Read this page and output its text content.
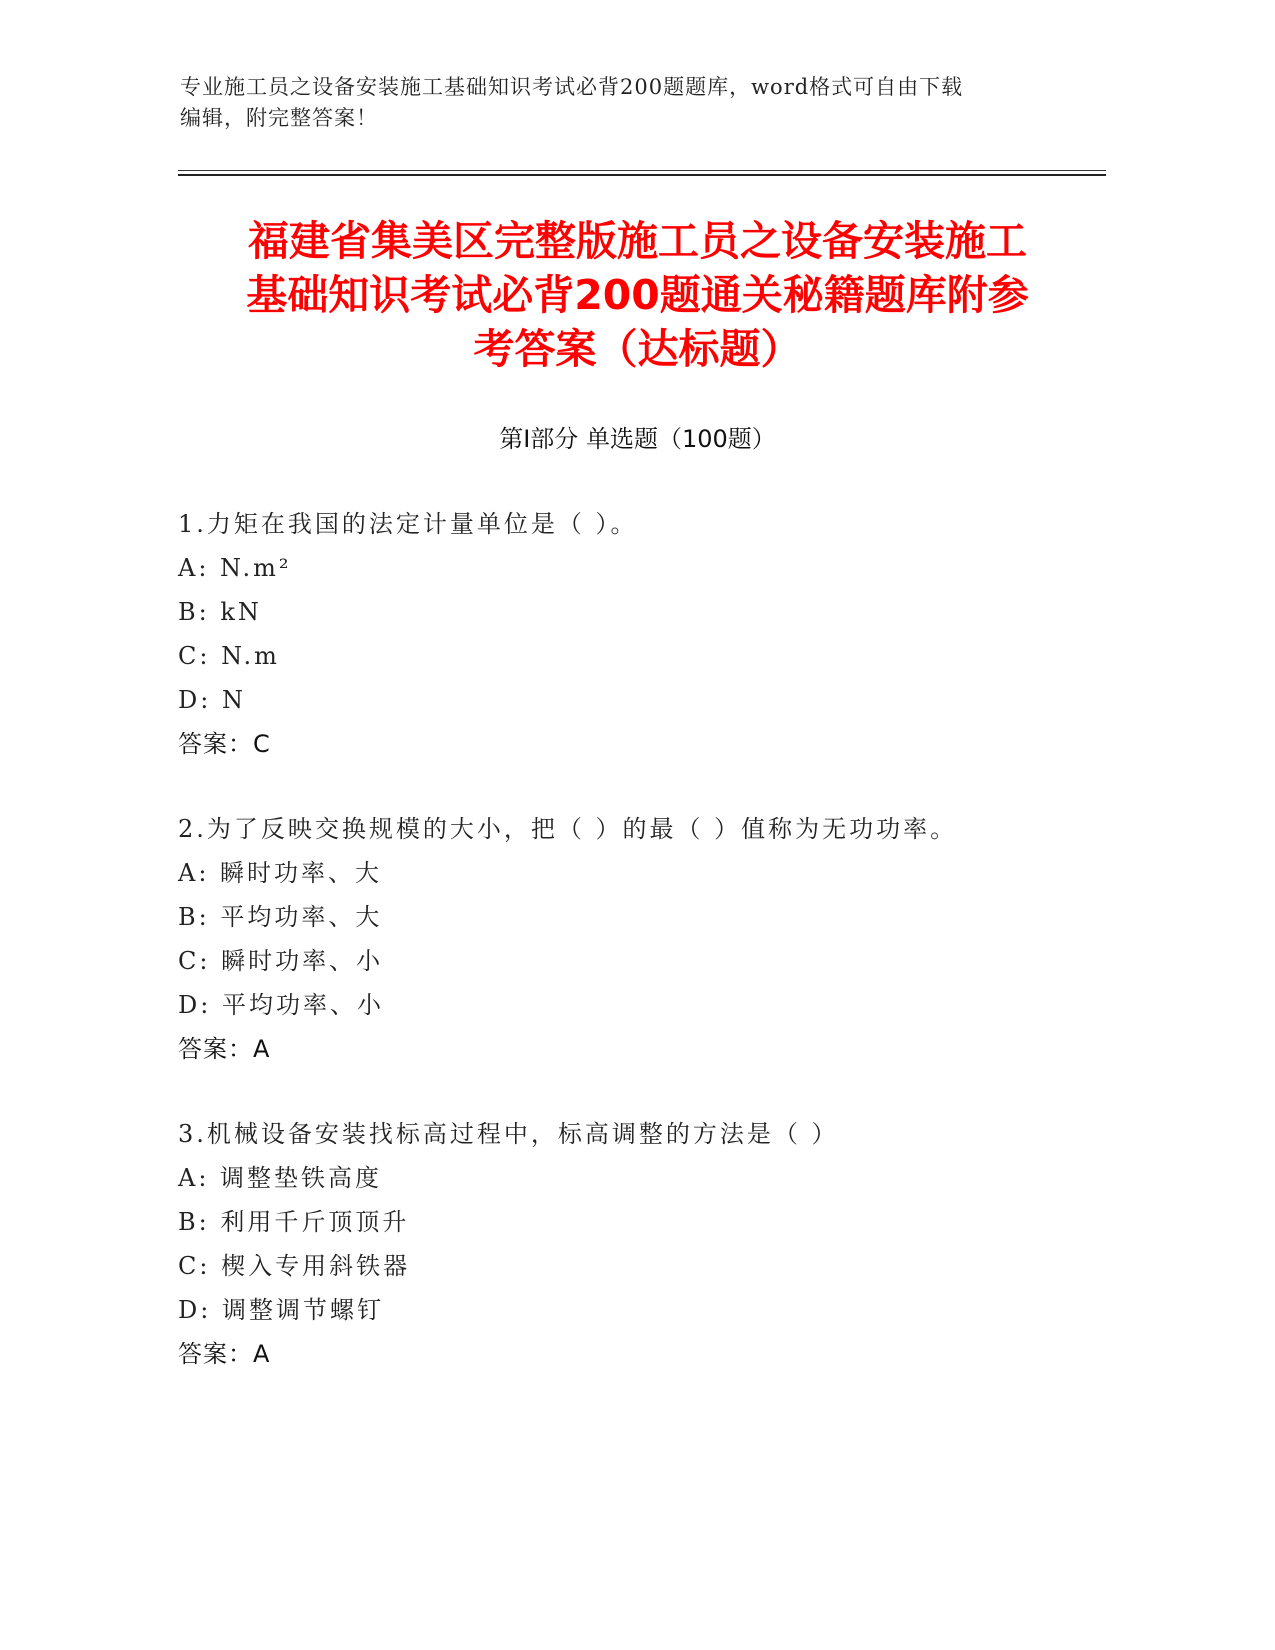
专业施工员之设备安装施工基础知识考试必背200题题库，word格式可自由下载
编辑，附完整答案！
福建省集美区完整版施工员之设备安装施工
基础知识考试必背200题通关秘籍题库附参
考答案（达标题）
第Ⅰ部分 单选题（100题）
1.力矩在我国的法定计量单位是（ ）。
A: N.m²
B: kN
C: N.m
D: N
答案：C
2.为了反映交换规模的大小，把（ ）的最（ ）值称为无功功率。
A: 瞬时功率、大
B: 平均功率、大
C: 瞬时功率、小
D: 平均功率、小
答案：A
3.机械设备安装找标高过程中，标高调整的方法是（ ）
A: 调整垫铁高度
B: 利用千斤顶顶升
C: 楔入专用斜铁器
D: 调整调节螺钉
答案：A
